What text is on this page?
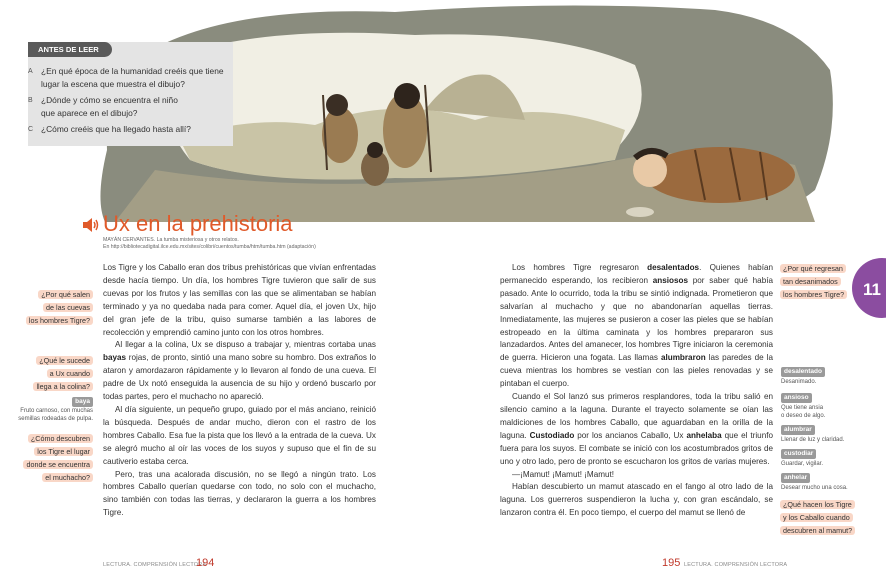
ANTES DE LEER
A ¿En qué época de la humanidad creéis que tiene
lugar la escena que muestra el dibujo?
B ¿Dónde y cómo se encuentra el niño
que aparece en el dibujo?
C ¿Cómo creéis que ha llegado hasta allí?
Ux en la prehistoria
MAYÁN CERVANTES. La tumba misteriosa y otros relatos.
En http://bibliotecadigital.ilce.edu.mx/sites/colibri/cuentos/tumba/htm/tumba.htm (adaptación)

Los Tigre y los Caballo eran dos tribus prehistóricas que vivían enfrentadas desde hacía tiempo. Un día, los hombres Tigre tuvieron que salir de sus cuevas por los frutos y las semillas con las que se alimentaban se habían terminado y ya no quedaba nada para comer. Aquel día, el joven Ux, hijo del gran jefe de la tribu, quiso sumarse también a las labores de recolección y emprendió camino junto con los otros hombres.

Al llegar a la colina, Ux se dispuso a trabajar y, mientras cortaba unas bayas rojas, de pronto, sintió una mano sobre su hombro. Dos extraños lo ataron y amordazaron rápidamente y lo llevaron al fondo de una cueva. El padre de Ux notó enseguida la ausencia de su hijo y ordenó buscarlo por todas partes, pero el muchacho no apareció.

Al día siguiente, un pequeño grupo, guiado por el más anciano, reinició la búsqueda. Después de andar mucho, dieron con el rastro de los hombres Caballo. Esa fue la pista que los llevó a la entrada de la cueva. Ux se alegró mucho al oír las voces de los suyos y supuso que el fin de su cautiverio estaba cerca.

Pero, tras una acalorada discusión, no se llegó a ningún trato. Los hombres Caballo querían quedarse con todo, no solo con el muchacho, sino también con todas las tierras, y declararon la guerra a los hombres Tigre.

Los hombres Tigre regresaron desalentados. Quienes habían permanecido esperando, los recibieron ansiosos por saber qué había pasado. Ante lo ocurrido, toda la tribu se sintió indignada. Prometieron que salvarían al muchacho y que no abandonarían aquellas tierras. Inmediatamente, las mujeres se pusieron a coser las pieles que se habían estropeado en la última caminata y los hombres prepararon sus lanzadardos. Antes del amanecer, los hombres Tigre iniciaron la ceremonia de guerra. Hicieron una fogata. Las llamas alumbraron las paredes de la cueva mientras los hombres se vestían con las pieles renovadas y se pintaban el cuerpo.

Cuando el Sol lanzó sus primeros resplandores, toda la tribu salió en silencio camino a la laguna. Durante el trayecto solamente se oían las maldiciones de los hombres Caballo, que aguardaban en la orilla de la laguna. Custodiado por los ancianos Caballo, Ux anhelaba que el triunfo fuera para los suyos. El combate se inició con los acostumbrados gritos de uno y otro lado, pero de pronto se escucharon los gritos de varias mujeres.

—¡Mamut! ¡Mamut! ¡Mamut!

Habían descubierto un mamut atascado en el fango al otro lado de la laguna. Los guerreros suspendieron la lucha y, con gran escándalo, se lanzaron contra él. En poco tiempo, el cuerpo del mamut se llenó de

¿Por qué salen
de las cuevas
los hombres Tigre?
¿Qué le sucede
a Ux cuando
llega a la colina?
baya
Fruto carnoso, con muchas
semillas rodeadas de pulpa.
¿Cómo descubren
los Tigre el lugar
donde se encuentra
el muchacho?
¿Por qué regresan
tan desanimados
los hombres Tigre?
desalentado
Desanimado.
ansioso
Que tiene ansia
o deseo de algo.
alumbrar
Llenar de luz y claridad.
custodiar
Guardar, vigilar.
anhelar
Desear mucho una cosa.
¿Qué hacen los Tigre
y los Caballo cuando
descubren al mamut?
11
LECTURA. COMPRENSIÓN LECTORA
194	195 LECTURA. COMPRENSIÓN LECTORA
